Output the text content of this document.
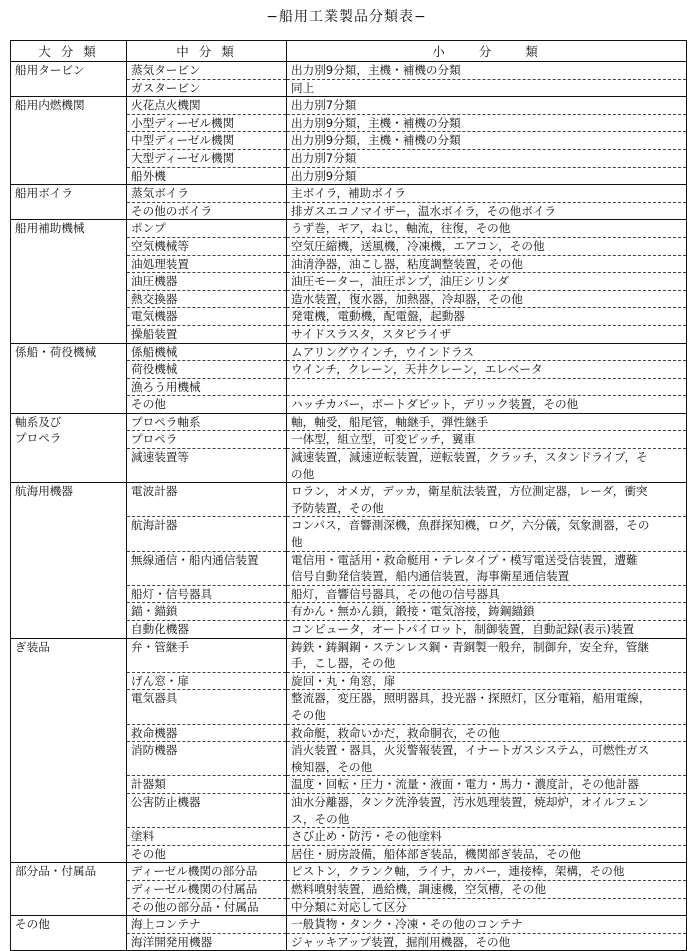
−船用工業製品分類表−
大 分 類	中 分 類	小　　分　　類

船用タービン	蒸気タービン	出力別9分類，主機・補機の分類

	ガスタービン	同上

船用内燃機関	火花点火機関	出力別7分類

	小型ディーゼル機関	出力別9分類，主機・補機の分類

	中型ディーゼル機関	出力別9分類，主機・補機の分類

	大型ディーゼル機関	出力別7分類

	船外機	出力別9分類

船用ボイラ	蒸気ボイラ	主ボイラ，補助ボイラ

	その他のボイラ	排ガスエコノマイザー，温水ボイラ，その他ボイラ

船用補助機械	ポンプ	うず巻，ギア，ねじ，軸流，往復，その他

	空気機械等	空気圧縮機，送風機，冷凍機，エアコン，その他

	油処理装置	油清浄器，油こし器，粘度調整装置，その他

	油圧機器	油圧モーター，油圧ポンプ，油圧シリンダ

	熱交換器	造水装置，復水器，加熱器，冷却器，その他

	電気機器	発電機，電動機，配電盤，起動器

	操船装置	サイドスラスタ，スタビライザ

係船・荷役機械	係船機械	ムアリングウインチ，ウインドラス

	荷役機械	ウインチ，クレーン，天井クレーン，エレベータ

	漁ろう用機械	

	その他	ハッチカバー，ボートダビット，デリック装置，その他

軸系及び
プロペラ	プロペラ軸系	軸，軸受，船尾管，軸継手，弾性継手

	プロペラ	一体型，組立型，可変ピッチ，翼車

	減速装置等	減速装置，減速逆転装置，逆転装置，クラッチ，スタンドライブ，そ
の他

航海用機器	電波計器	ロラン，オメガ，デッカ，衛星航法装置，方位測定器，レーダ，衝突
予防装置，その他

	航海計器	コンパス，音響測深機，魚群探知機，ログ，六分儀，気象測器，その
他

	無線通信・船内通信装置	電信用・電話用・救命艇用・テレタイプ・模写電送受信装置，遭難
信号自動発信装置，船内通信装置，海事衛星通信装置

	船灯・信号器具	船灯，音響信号器具，その他の信号器具

	錨・錨鎖	有かん・無かん鎖，鍛接・電気溶接，鋳鋼錨鎖

	自動化機器	コンピュータ，オートパイロット，制御装置，自動記録(表示)装置

ぎ装品	弁・管継手	鋳鉄・鋳鋼鋼・ステンレス鋼・青銅製一般弁，制御弁，安全弁，管継
手，こし器，その他

	げん窓・扉	旋回・丸・角窓，扉

	電気器具	整流器，変圧器，照明器具，投光器・探照灯，区分電箱，船用電線，
その他

	救命機器	救命艇，救命いかだ，救命胴衣，その他

	消防機器	消火装置・器具，火災警報装置，イナートガスシステム，可燃性ガス
検知器，その他

	計器類	温度・回転・圧力・流量・液面・電力・馬力・濃度計，その他計器

	公害防止機器	油水分離器，タンク洗浄装置，汚水処理装置，焼却炉，オイルフェン
ス，その他

	塗料	さび止め・防汚・その他塗料

	その他	居住・厨房設備，船体部ぎ装品，機関部ぎ装品，その他

部分品・付属品	ディーゼル機関の部分品	ピストン，クランク軸，ライナ，カバー，連接棒，架構，その他

	ディーゼル機関の付属品	燃料噴射装置，過給機，調速機，空気槽，その他

	その他の部分品・付属品	中分類に対応して区分

その他	海上コンテナ	一般貨物・タンク・冷凍・その他のコンテナ

	海洋開発用機器	ジャッキアップ装置，掘削用機器，その他
